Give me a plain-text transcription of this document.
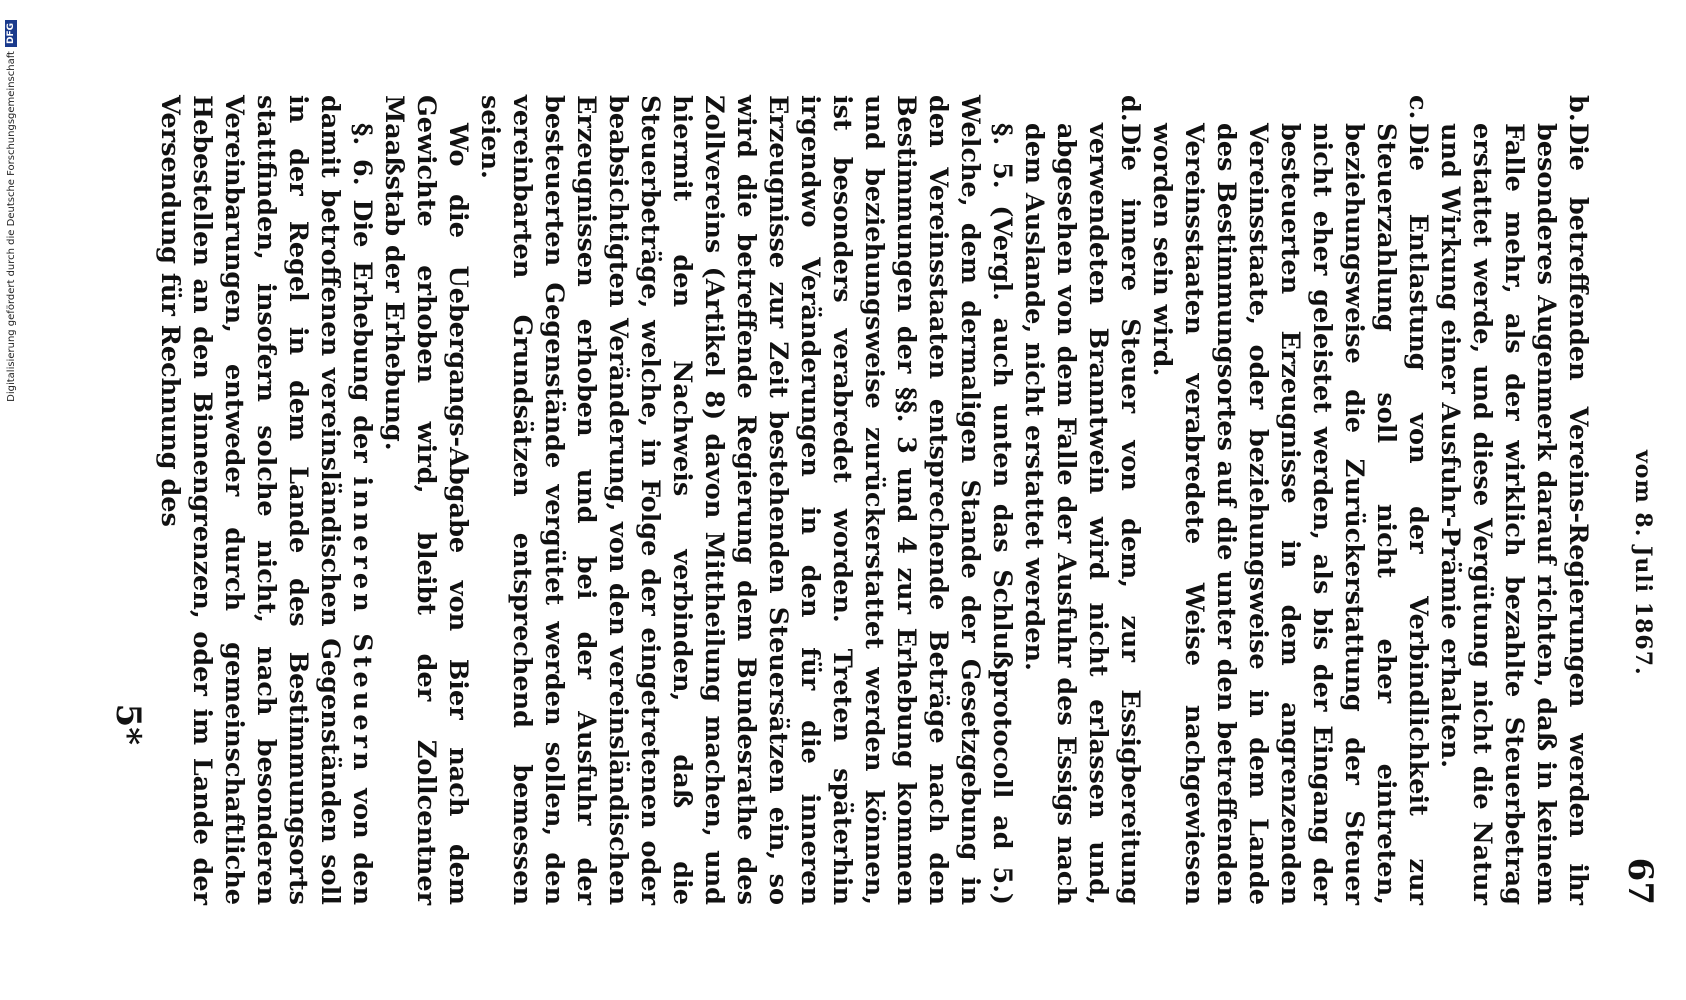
vom 8. Juli 1867.
67
b.

Die betreffenden Vereins-Regierungen werden ihr besonderes Augenmerk darauf richten, daß in keinem Falle mehr, als der wirklich bezahlte Steuerbetrag erstattet werde, und diese Vergütung nicht die Natur und Wirkung einer Ausfuhr-Prämie erhalten.

c.

Die Entlastung von der Verbindlichkeit zur Steuerzahlung soll nicht eher eintreten, beziehungsweise die Zurückerstattung der Steuer nicht eher geleistet werden, als bis der Eingang der besteuerten Erzeugnisse in dem angrenzenden Vereinsstaate, oder beziehungsweise in dem Lande des Bestimmungsortes auf die unter den betreffenden Vereinsstaaten verabredete Weise nachgewiesen worden sein wird.

d.

Die innere Steuer von dem, zur Essigbereitung verwendeten Branntwein wird nicht erlassen und, abgesehen von dem Falle der Ausfuhr des Essigs nach dem Auslande, nicht erstattet werden.

§. 5. (Vergl. auch unten das Schlußprotocoll ad 5.) Welche, dem dermaligen Stande der Gesetzgebung in den Vereinsstaaten entsprechende Beträge nach den Bestimmungen der §§. 3 und 4 zur Erhebung kommen und beziehungsweise zurückerstattet werden können, ist besonders verabredet worden. Treten späterhin irgendwo Veränderungen in den für die inneren Erzeugnisse zur Zeit bestehenden Steuersätzen ein, so wird die betreffende Regierung dem Bundesrathe des Zollvereins (Artikel 8) davon Mittheilung machen, und hiermit den Nachweis verbinden, daß die Steuerbeträge, welche, in Folge der eingetretenen oder beabsichtigten Veränderung, von den vereinsländischen Erzeugnissen erhoben und bei der Ausfuhr der besteuerten Gegenstände vergütet werden sollen, den vereinbarten Grundsätzen entsprechend bemessen seien.

Wo die Uebergangs-Abgabe von Bier nach dem Gewichte erhoben wird, bleibt der Zollcentner Maaßstab der Erhebung.

§. 6. Die Erhebung der inneren Steuern von den damit betroffenen vereinsländischen Gegenständen soll in der Regel in dem Lande des Bestimmungsorts stattfinden, insofern solche nicht, nach besonderen Vereinbarungen, entweder durch gemeinschaftliche Hebestellen an den Binnengrenzen, oder im Lande der Versendung für Rechnung des

5*
Digitalisierung gefördert durch die Deutsche Forschungsgemeinschaft
DFG
